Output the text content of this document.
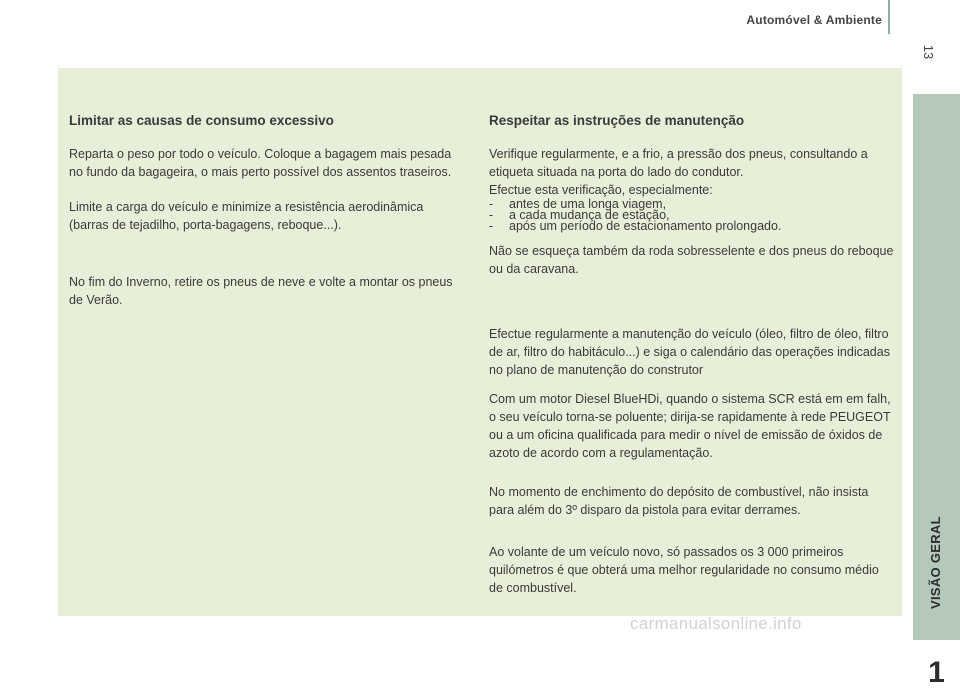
Automóvel & Ambiente
13
Limitar as causas de consumo excessivo

Reparta o peso por todo o veículo. Coloque a bagagem mais pesada no fundo da bagageira, o mais perto possível dos assentos traseiros.

Limite a carga do veículo e minimize a resistência aerodinâmica (barras de tejadilho, porta-bagagens, reboque...).

No fim do Inverno, retire os pneus de neve e volte a montar os pneus de Verão.

Respeitar as instruções de manutenção

Verifique regularmente, e a frio, a pressão dos pneus, consultando a etiqueta situada na porta do lado do condutor.

Efectue esta verificação, especialmente:

-	antes de uma longa viagem,
-	a cada mudança de estação,
-	após um período de estacionamento prolongado.

Não se esqueça também da roda sobresselente e dos pneus do reboque ou da caravana.

Efectue regularmente a manutenção do veículo (óleo, filtro de óleo, filtro de ar, filtro do habitáculo...) e siga o calendário das operações indicadas no plano de manutenção do construtor

Com um motor Diesel BlueHDi, quando o sistema SCR está em em falh, o seu veículo torna-se poluente; dirija-se rapidamente à rede PEUGEOT ou a um oficina qualificada para medir o nível de emissão de óxidos de azoto de acordo com a regulamentação.

No momento de enchimento do depósito de combustível, não insista para além do 3º disparo da pistola para evitar derrames.

Ao volante de um veículo novo, só passados os 3 000 primeiros quilómetros é que obterá uma melhor regularidade no consumo médio de combustível.	VISÃO GERAL
1
carmanualsonline.info
